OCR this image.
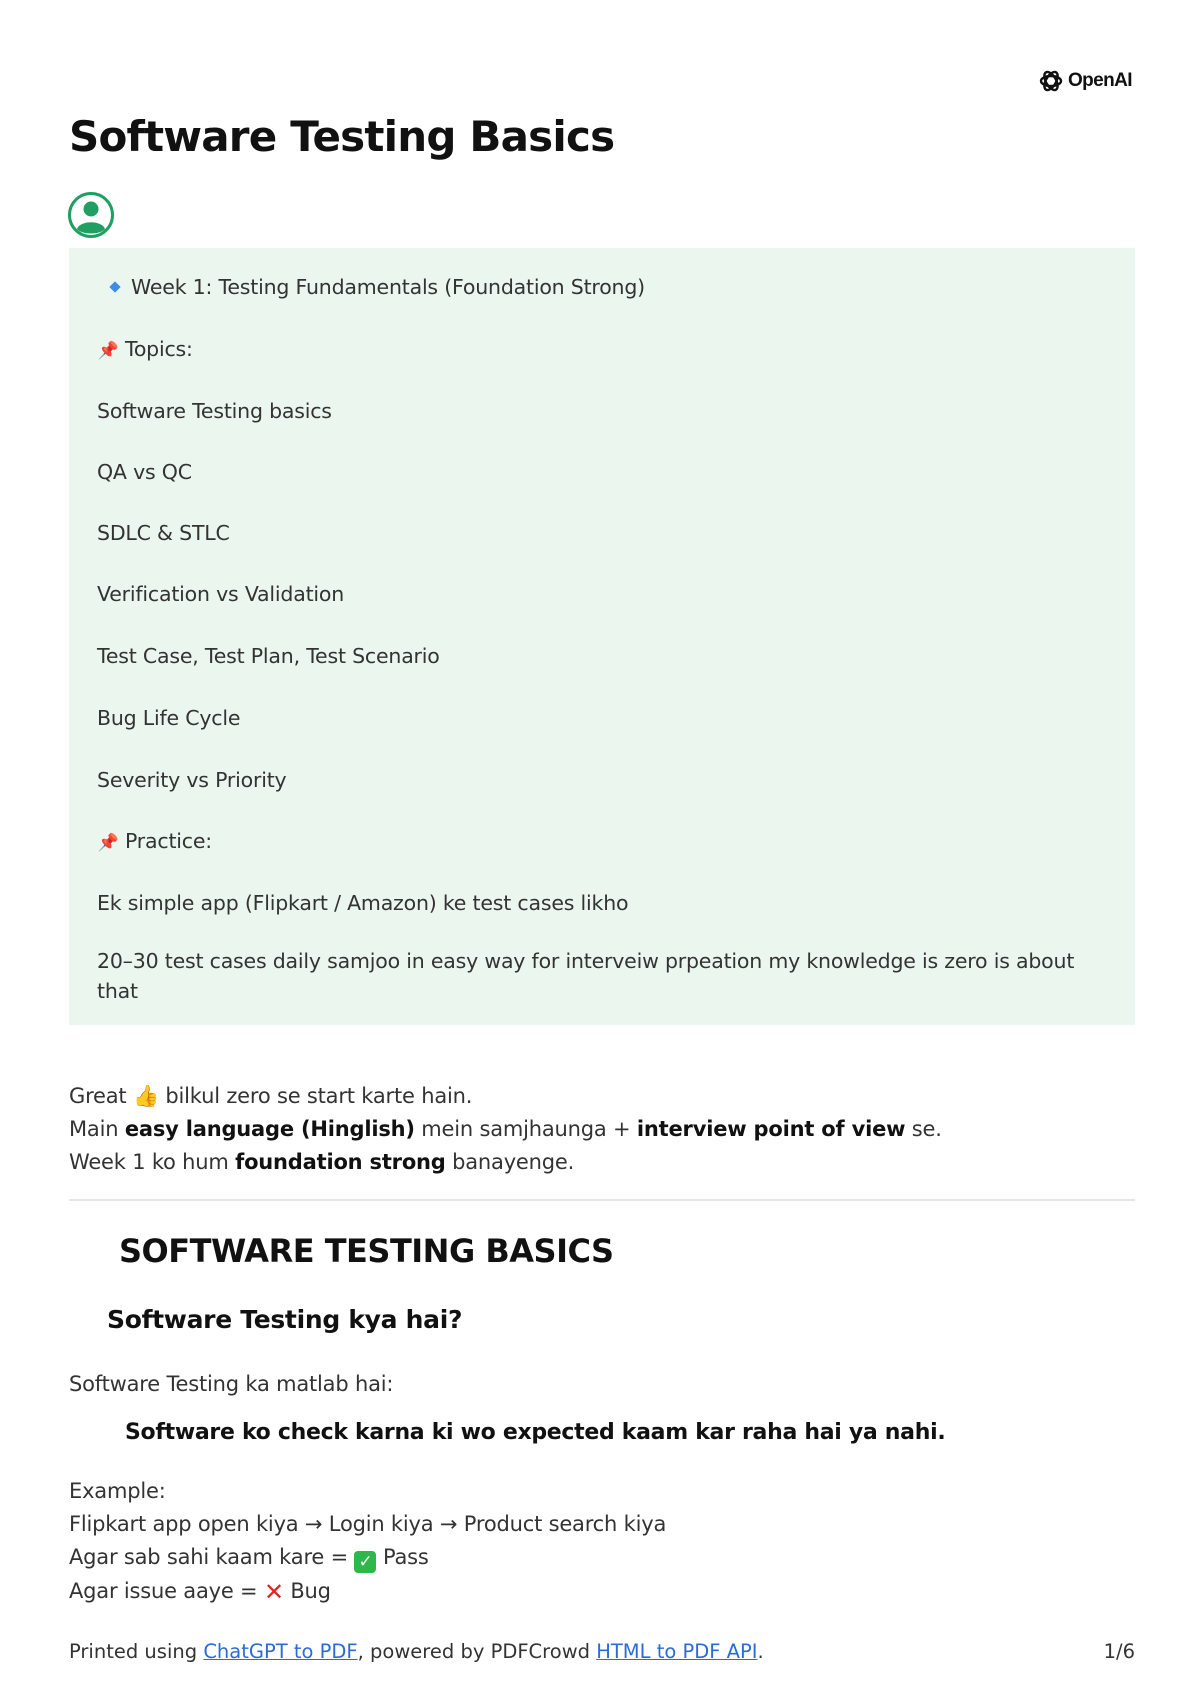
OpenAI
Software Testing Basics
Week 1: Testing Fundamentals (Foundation Strong)
📌 Topics:
Software Testing basics
QA vs QC
SDLC & STLC
Verification vs Validation
Test Case, Test Plan, Test Scenario
Bug Life Cycle
Severity vs Priority
📌 Practice:
Ek simple app (Flipkart / Amazon) ke test cases likho
20–30 test cases daily samjoo in easy way for interveiw prpeation my knowledge is zero is about that
Great 👍 bilkul zero se start karte hain.
Main easy language (Hinglish) mein samjhaunga + interview point of view se.
Week 1 ko hum foundation strong banayenge.
SOFTWARE TESTING BASICS
Software Testing kya hai?
Software Testing ka matlab hai:
Software ko check karna ki wo expected kaam kar raha hai ya nahi.
Example:
Flipkart app open kiya → Login kiya → Product search kiya
Agar sab sahi kaam kare = ✓ Pass
Agar issue aaye = ✕ Bug
Printed using ChatGPT to PDF, powered by PDFCrowd HTML to PDF API.	1/6
